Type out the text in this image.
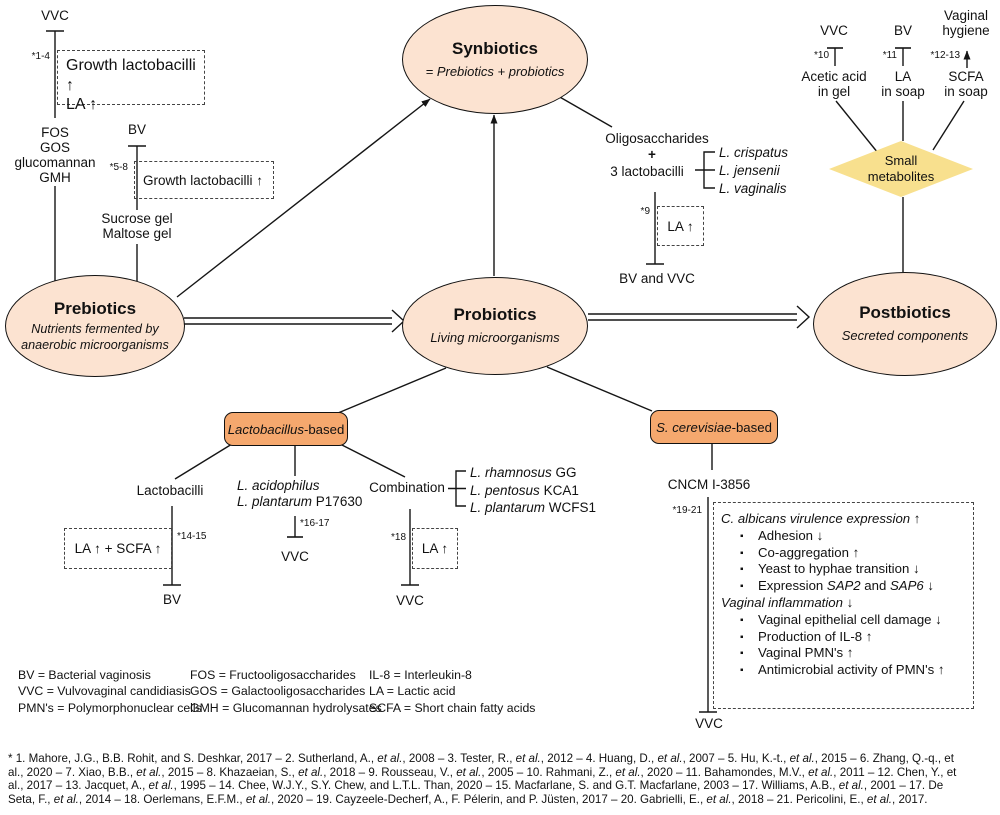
VVC
*1-4
Growth lactobacilli ↑
LA ↑
FOS
GOS
glucomannan
GMH
BV
*5-8
Growth lactobacilli ↑
Sucrose gel
Maltose gel
Synbiotics
= Prebiotics + probiotics
Oligosaccharides
+
3 lactobacilli
L. crispatus
L. jensenii
L. vaginalis
*9
LA ↑
BV and VVC
VVC	BV
Vaginal
hygiene
*10	*11	*12-13
Acetic acid
in gel
LA
in soap
SCFA
in soap
Small
metabolites
Prebiotics
Nutrients fermented by
anaerobic microorganisms
Probiotics
Living microorganisms
Postbiotics
Secreted components
Lactobacillus -based	S. cerevisiae -based
Lactobacilli
*14-15
LA ↑ + SCFA ↑
BV
L. acidophilus
L. plantarum P17630
*16-17
VVC
Combination
L. rhamnosus GG
L. pentosus KCA1
L. plantarum WCFS1
*18
LA ↑
VVC
CNCM I-3856
*19-21
C. albicans virulence expression ↑
▪ Adhesion ↓
▪ Co-aggregation ↑
▪ Yeast to hyphae transition ↓
▪ Expression SAP2 and SAP6 ↓
Vaginal inflammation ↓
▪ Vaginal epithelial cell damage ↓
▪ Production of IL-8 ↑
▪ Vaginal PMN's ↑
▪ Antimicrobial activity of PMN's ↑
VVC
BV = Bacterial vaginosis
VVC = Vulvovaginal candidiasis
PMN's = Polymorphonuclear cells
FOS = Fructooligosaccharides
GOS = Galactooligosaccharides
GMH = Glucomannan hydrolysates
IL-8 = Interleukin-8
LA = Lactic acid
SCFA = Short chain fatty acids
* 1. Mahore, J.G., B.B. Rohit, and S. Deshkar, 2017 – 2. Sutherland, A., et al., 2008 – 3. Tester, R., et al., 2012 – 4. Huang, D., et al., 2007 – 5. Hu, K.-t., et al., 2015 – 6. Zhang, Q.-q., et
al., 2020 – 7. Xiao, B.B., et al., 2015 – 8. Khazaeian, S., et al., 2018 – 9. Rousseau, V., et al., 2005 – 10. Rahmani, Z., et al., 2020 – 11. Bahamondes, M.V., et al., 2011 – 12. Chen, Y., et
al., 2017 – 13. Jacquet, A., et al., 1995 – 14. Chee, W.J.Y., S.Y. Chew, and L.T.L. Than, 2020 – 15. Macfarlane, S. and G.T. Macfarlane, 2003 – 17. Williams, A.B., et al., 2001 – 17. De
Seta, F., et al., 2014 – 18. Oerlemans, E.F.M., et al., 2020 – 19. Cayzeele-Decherf, A., F. Pélerin, and P. Jüsten, 2017 – 20. Gabrielli, E., et al., 2018 – 21. Pericolini, E., et al., 2017.
